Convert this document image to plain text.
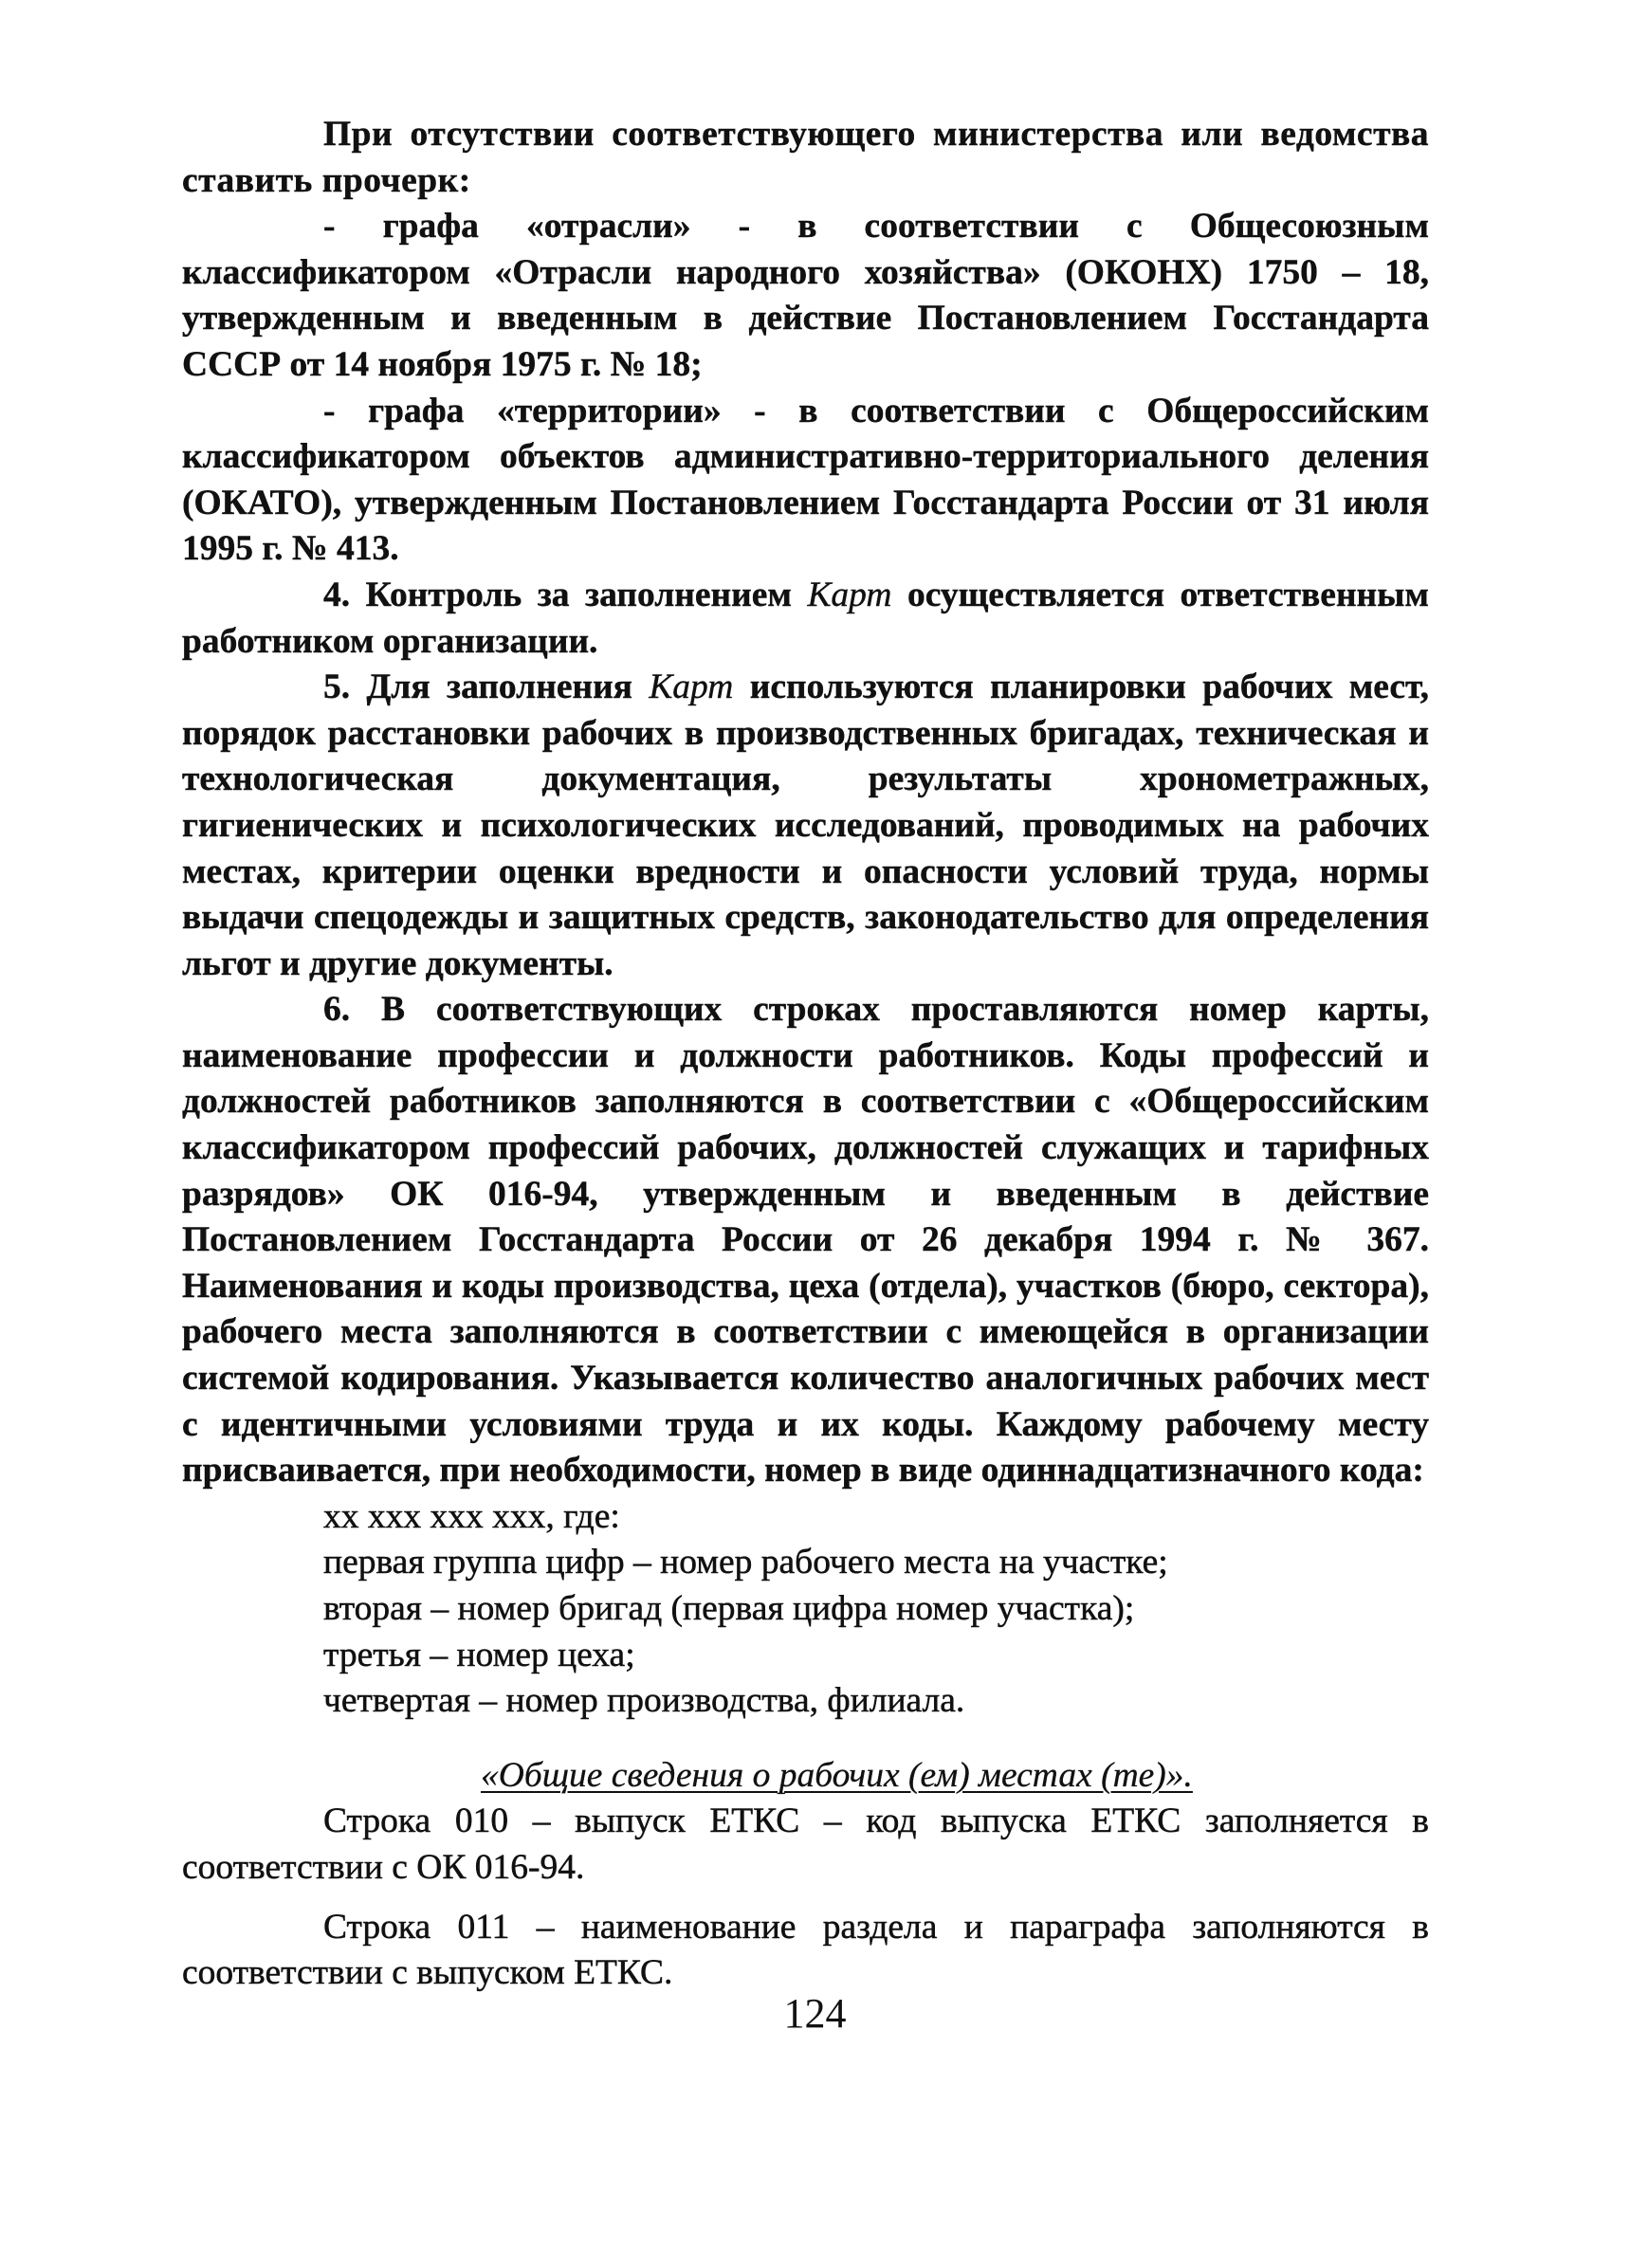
При отсутствии соответствующего министерства или ведомства ставить прочерк:

- графа «отрасли» - в соответствии с Общесоюзным классификатором «Отрасли народного хозяйства» (ОКОНХ) 1750 – 18, утвержденным и введенным в действие Постановлением Госстандарта СССР от 14 ноября 1975 г. № 18;

- графа «территории» - в соответствии с Общероссийским классификатором объектов административно-территориального деления (ОКАТО), утвержденным Постановлением Госстандарта России от 31 июля 1995 г. № 413.

4. Контроль за заполнением Карт осуществляется ответственным работником организации.

5. Для заполнения Карт используются планировки рабочих мест, порядок расстановки рабочих в производственных бригадах, техническая и технологическая документация, результаты хронометражных, гигиенических и психологических исследований, проводимых на рабочих местах, критерии оценки вредности и опасности условий труда, нормы выдачи спецодежды и защитных средств, законодательство для определения льгот и другие документы.

6. В соответствующих строках проставляются номер карты, наименование профессии и должности работников. Коды профессий и должностей работников заполняются в соответствии с «Общероссийским классификатором профессий рабочих, должностей служащих и тарифных разрядов» ОК 016-94, утвержденным и введенным в действие Постановлением Госстандарта России от 26 декабря 1994 г. № 367. Наименования и коды производства, цеха (отдела), участков (бюро, сектора), рабочего места заполняются в соответствии с имеющейся в организации системой кодирования. Указывается количество аналогичных рабочих мест с идентичными условиями труда и их коды. Каждому рабочему месту присваивается, при необходимости, номер в виде одиннадцатизначного кода:

хх ххх ххх ххх, где:
первая группа цифр – номер рабочего места на участке;
вторая – номер бригад (первая цифра номер участка);
третья – номер цеха;
четвертая – номер производства, филиала.

«Общие сведения о рабочих (ем) местах (те)».

Строка 010 – выпуск ЕТКС – код выпуска ЕТКС заполняется в соответствии с ОК 016-94.

Строка 011 – наименование раздела и параграфа заполняются в соответствии с выпуском ЕТКС.

124
